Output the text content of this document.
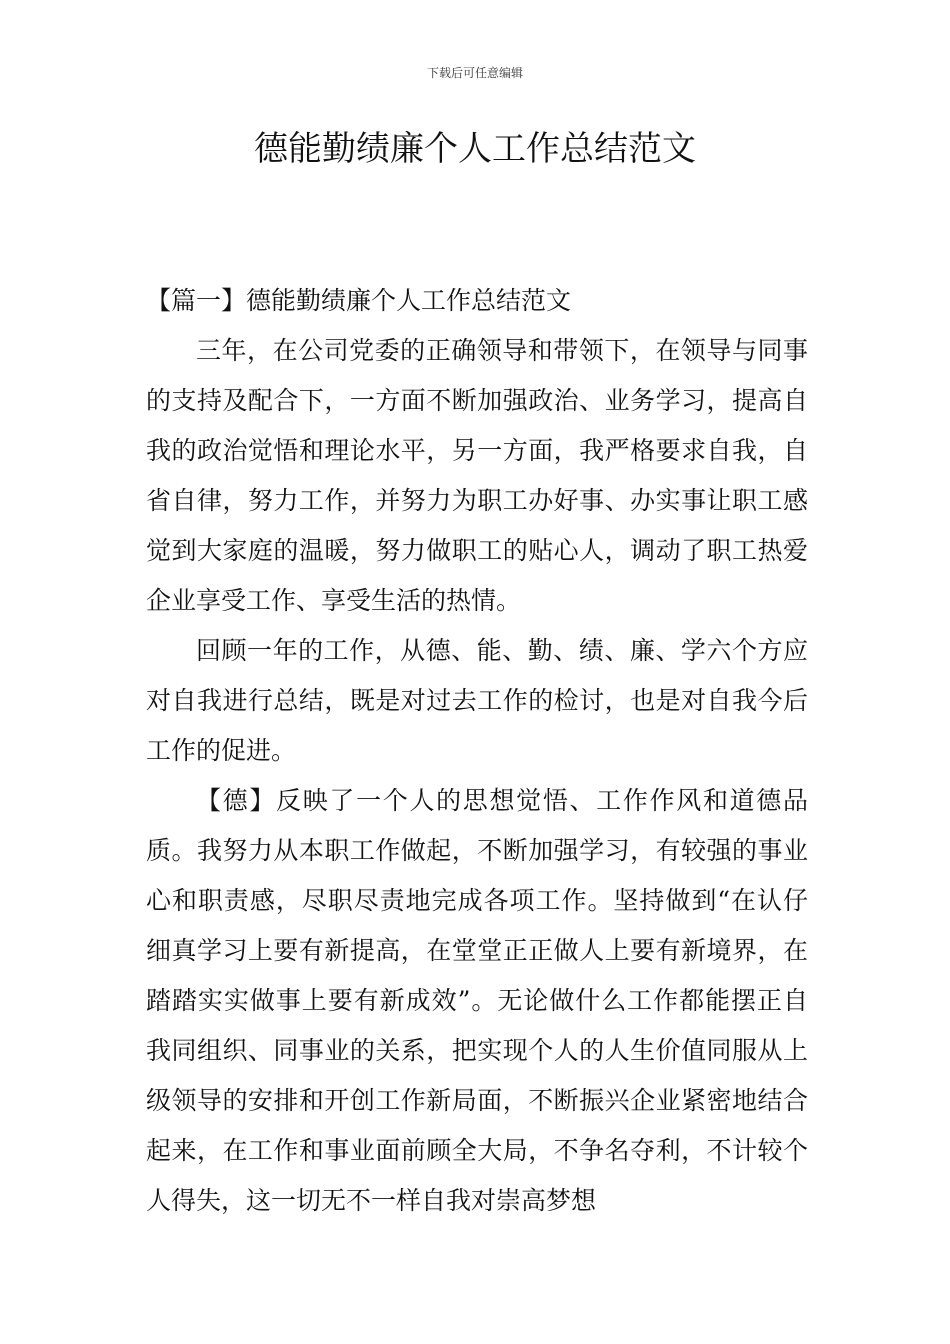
下载后可任意编辑
德能勤绩廉个人工作总结范文

【篇一】德能勤绩廉个人工作总结范文

三年，在公司党委的正确领导和带领下，在领导与同事的支持及配合下，一方面不断加强政治、业务学习，提高自我的政治觉悟和理论水平，另一方面，我严格要求自我，自省自律，努力工作，并努力为职工办好事、办实事让职工感觉到大家庭的温暖，努力做职工的贴心人，调动了职工热爱企业享受工作、享受生活的热情。

回顾一年的工作，从德、能、勤、绩、廉、学六个方应对自我进行总结，既是对过去工作的检讨，也是对自我今后工作的促进。

【德】反映了一个人的思想觉悟、工作作风和道德品质。我努力从本职工作做起，不断加强学习，有较强的事业心和职责感，尽职尽责地完成各项工作。坚持做到“在认仔细真学习上要有新提高，在堂堂正正做人上要有新境界，在踏踏实实做事上要有新成效”。无论做什么工作都能摆正自我同组织、同事业的关系，把实现个人的人生价值同服从上级领导的安排和开创工作新局面，不断振兴企业紧密地结合起来，在工作和事业面前顾全大局，不争名夺利，不计较个人得失，这一切无不一样自我对崇高梦想
